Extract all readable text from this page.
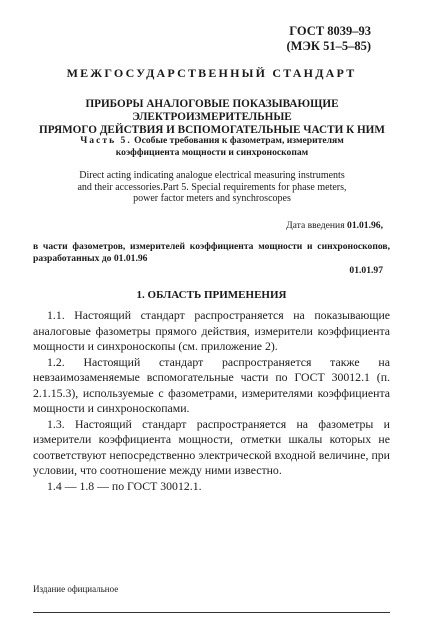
ГОСТ 8039–93
(МЭК 51–5–85)
МЕЖГОСУДАРСТВЕННЫЙ СТАНДАРТ
ПРИБОРЫ АНАЛОГОВЫЕ ПОКАЗЫВАЮЩИЕ ЭЛЕКТРОИЗМЕРИТЕЛЬНЫЕ
ПРЯМОГО ДЕЙСТВИЯ И ВСПОМОГАТЕЛЬНЫЕ ЧАСТИ К НИМ
Часть 5. Особые требования к фазометрам, измерителям
коэффициента мощности и синхроноскопам
Direct acting indicating analogue electrical measuring instruments
and their accessories.Part 5. Special requirements for phase meters,
power factor meters and synchroscopes
Дата введения 01.01.96,
в части фазометров, измерителей коэффициента мощности и синхроноскопов, разработанных до 01.01.96
01.01.97
1. ОБЛАСТЬ ПРИМЕНЕНИЯ

1.1. Настоящий стандарт распространяется на показывающие аналоговые фазометры прямого действия, измерители коэффициента мощности и синхроноскопы (см. приложение 2).

1.2. Настоящий стандарт распространяется также на невзаимозаменяемые вспомогательные части по ГОСТ 30012.1 (п. 2.1.15.3), используемые с фазометрами, измерителями коэффициента мощности и синхроноскопами.

1.3. Настоящий стандарт распространяется на фазометры и измерители коэффициента мощности, отметки шкалы которых не соответствуют непосредственно электрической входной величине, при условии, что соотношение между ними известно.

1.4 — 1.8 — по ГОСТ 30012.1.

Издание официальное
